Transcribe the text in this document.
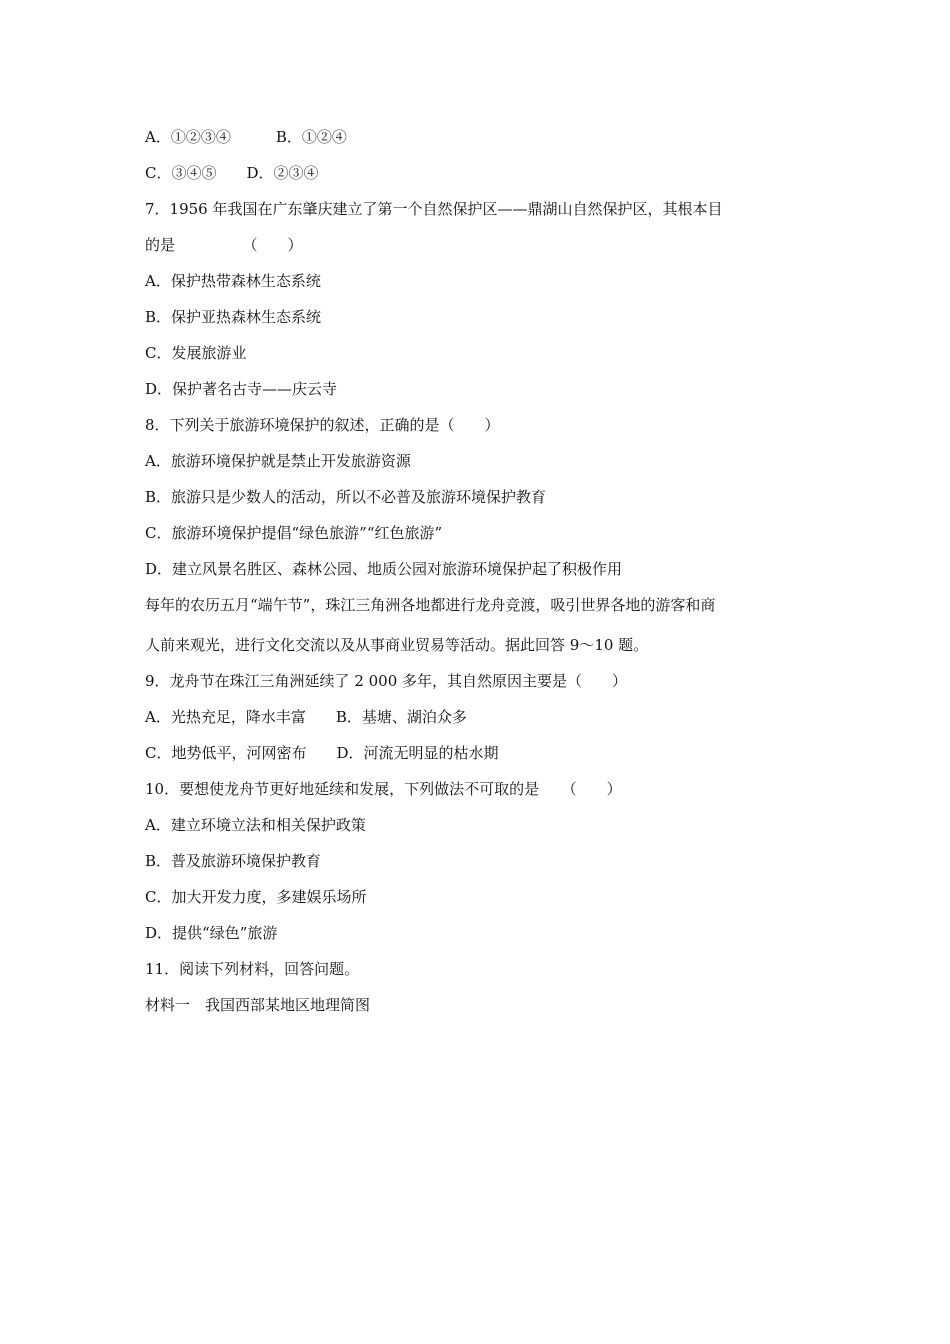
A．①②③④　　　B．①②④
C．③④⑤　　D．②③④
7．1956 年我国在广东肇庆建立了第一个自然保护区——鼎湖山自然保护区，其根本目
的是　　　　　（　　）
A．保护热带森林生态系统
B．保护亚热森林生态系统
C．发展旅游业
D．保护著名古寺——庆云寺
8．下列关于旅游环境保护的叙述，正确的是（　　）
A．旅游环境保护就是禁止开发旅游资源
B．旅游只是少数人的活动，所以不必普及旅游环境保护教育
C．旅游环境保护提倡“绿色旅游”“红色旅游”
D．建立风景名胜区、森林公园、地质公园对旅游环境保护起了积极作用
每年的农历五月“端午节”，珠江三角洲各地都进行龙舟竞渡，吸引世界各地的游客和商
人前来观光，进行文化交流以及从事商业贸易等活动。据此回答 9～10 题。
9．龙舟节在珠江三角洲延续了 2 000 多年，其自然原因主要是（　　）
A．光热充足，降水丰富　　B．基塘、湖泊众多
C．地势低平，河网密布　　D．河流无明显的枯水期
10．要想使龙舟节更好地延续和发展，下列做法不可取的是　　（　　）
A．建立环境立法和相关保护政策
B．普及旅游环境保护教育
C．加大开发力度，多建娱乐场所
D．提供“绿色”旅游
11．阅读下列材料，回答问题。
材料一　我国西部某地区地理简图
